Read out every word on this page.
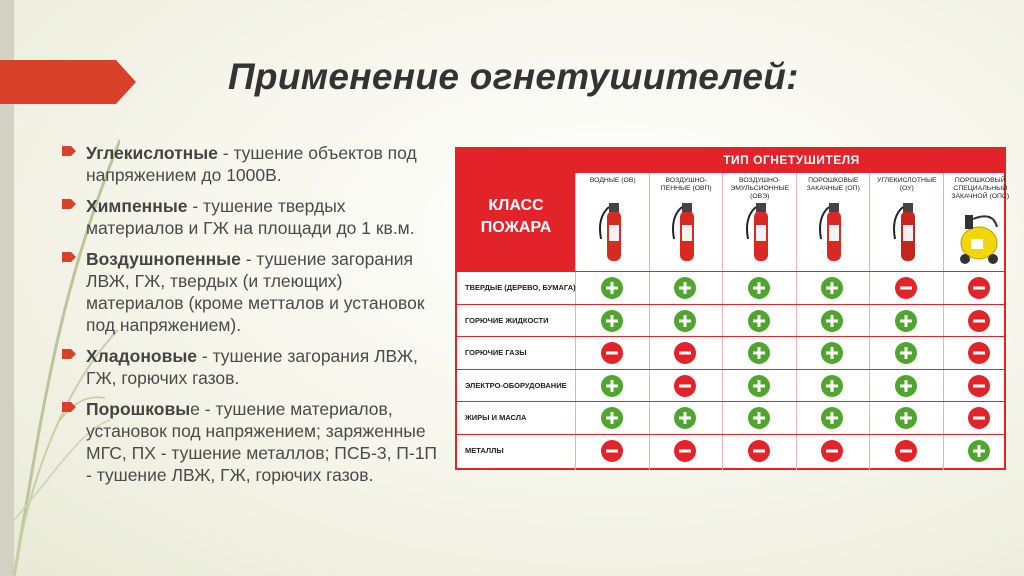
Применение огнетушителей:
Углекислотные - тушение объектов под напряжением до 1000В.
Химпенные - тушение твердых материалов и ГЖ на площади до 1 кв.м.
Воздушнопенные - тушение загорания ЛВЖ, ГЖ, твердых (и тлеющих) материалов (кроме метталов и установок под напряжением).
Хладоновые - тушение загорания ЛВЖ, ГЖ, горючих газов.
Порошковые - тушение материалов, установок под напряжением; заряженные МГС, ПХ - тушение металлов; ПСБ-3, П-1П - тушение ЛВЖ, ГЖ, горючих газов.
ТИП ОГНЕТУШИТЕЛЯ
КЛАСС ПОЖАРА
ВОДНЫЕ (ОВ)	ВОЗДУШНО-ПЕННЫЕ (ОВП)
ВОЗДУШНО-ЭМУЛЬСИОННЫЕ (ОВЭ)
ПОРОШКОВЫЕ ЗАКАЧНЫЕ (ОП)
УГЛЕКИСЛОТНЫЕ (ОУ)
ПОРОШКОВЫЙ СПЕЦИАЛЬНЫЙ ЗАКАЧНОЙ (ОПС)
ТВЕРДЫЕ (ДЕРЕВО, БУМАГА)
ГОРЮЧИЕ ЖИДКОСТИ
ГОРЮЧИЕ ГАЗЫ
ЭЛЕКТРО-ОБОРУДОВАНИЕ
ЖИРЫ И МАСЛА
МЕТАЛЛЫ
